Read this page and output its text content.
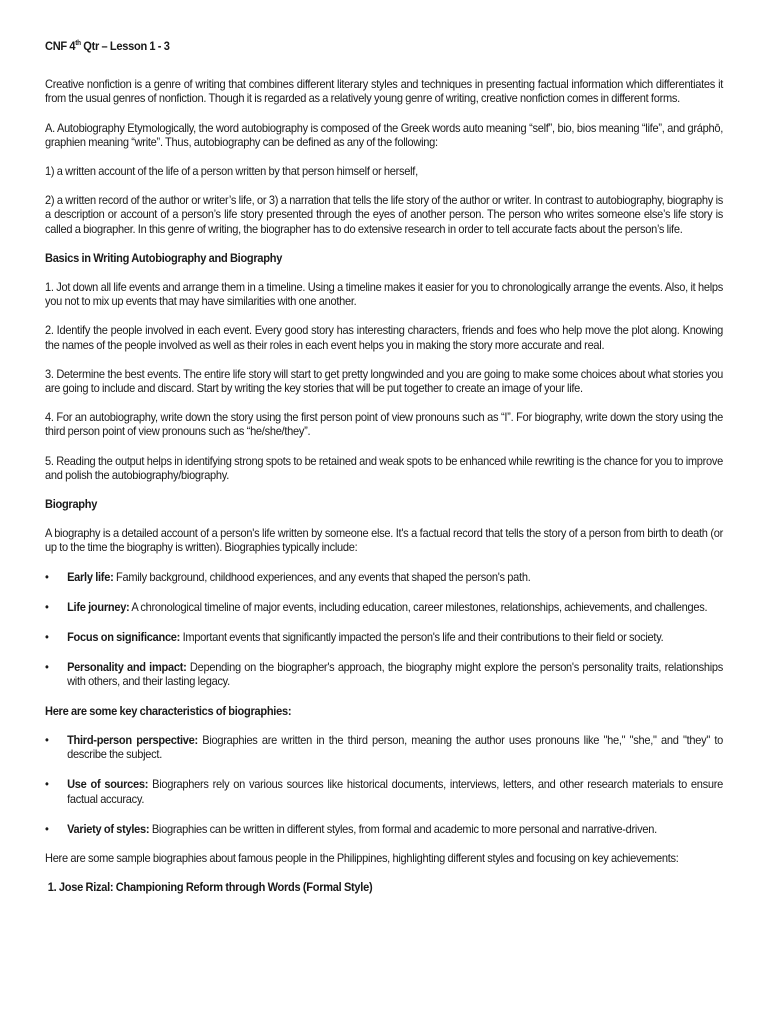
CNF 4th Qtr – Lesson 1 - 3

Creative nonfiction is a genre of writing that combines different literary styles and techniques in presenting factual information which differentiates it from the usual genres of nonfiction. Though it is regarded as a relatively young genre of writing, creative nonfiction comes in different forms.

A. Autobiography Etymologically, the word autobiography is composed of the Greek words auto meaning “self”, bio, bios meaning “life”, and gráphō, graphien meaning “write”. Thus, autobiography can be defined as any of the following:

1) a written account of the life of a person written by that person himself or herself,

2) a written record of the author or writer’s life, or 3) a narration that tells the life story of the author or writer. In contrast to autobiography, biography is a description or account of a person’s life story presented through the eyes of another person. The person who writes someone else’s life story is called a biographer. In this genre of writing, the biographer has to do extensive research in order to tell accurate facts about the person’s life.

Basics in Writing Autobiography and Biography

1. Jot down all life events and arrange them in a timeline. Using a timeline makes it easier for you to chronologically arrange the events. Also, it helps you not to mix up events that may have similarities with one another.

2. Identify the people involved in each event. Every good story has interesting characters, friends and foes who help move the plot along. Knowing the names of the people involved as well as their roles in each event helps you in making the story more accurate and real.

3. Determine the best events. The entire life story will start to get pretty longwinded and you are going to make some choices about what stories you are going to include and discard. Start by writing the key stories that will be put together to create an image of your life.

4. For an autobiography, write down the story using the first person point of view pronouns such as “I”. For biography, write down the story using the third person point of view pronouns such as “he/she/they”.

5. Reading the output helps in identifying strong spots to be retained and weak spots to be enhanced while rewriting is the chance for you to improve and polish the autobiography/biography.

Biography

A biography is a detailed account of a person's life written by someone else. It's a factual record that tells the story of a person from birth to death (or up to the time the biography is written). Biographies typically include:

• Early life: Family background, childhood experiences, and any events that shaped the person's path.
• Life journey: A chronological timeline of major events, including education, career milestones, relationships, achievements, and challenges.
• Focus on significance: Important events that significantly impacted the person's life and their contributions to their field or society.
• Personality and impact: Depending on the biographer's approach, the biography might explore the person's personality traits, relationships with others, and their lasting legacy.
Here are some key characteristics of biographies:
• Third-person perspective: Biographies are written in the third person, meaning the author uses pronouns like "he," "she," and "they" to describe the subject.
• Use of sources: Biographers rely on various sources like historical documents, interviews, letters, and other research materials to ensure factual accuracy.
• Variety of styles: Biographies can be written in different styles, from formal and academic to more personal and narrative-driven.

Here are some sample biographies about famous people in the Philippines, highlighting different styles and focusing on key achievements:

1. Jose Rizal: Championing Reform through Words (Formal Style)
